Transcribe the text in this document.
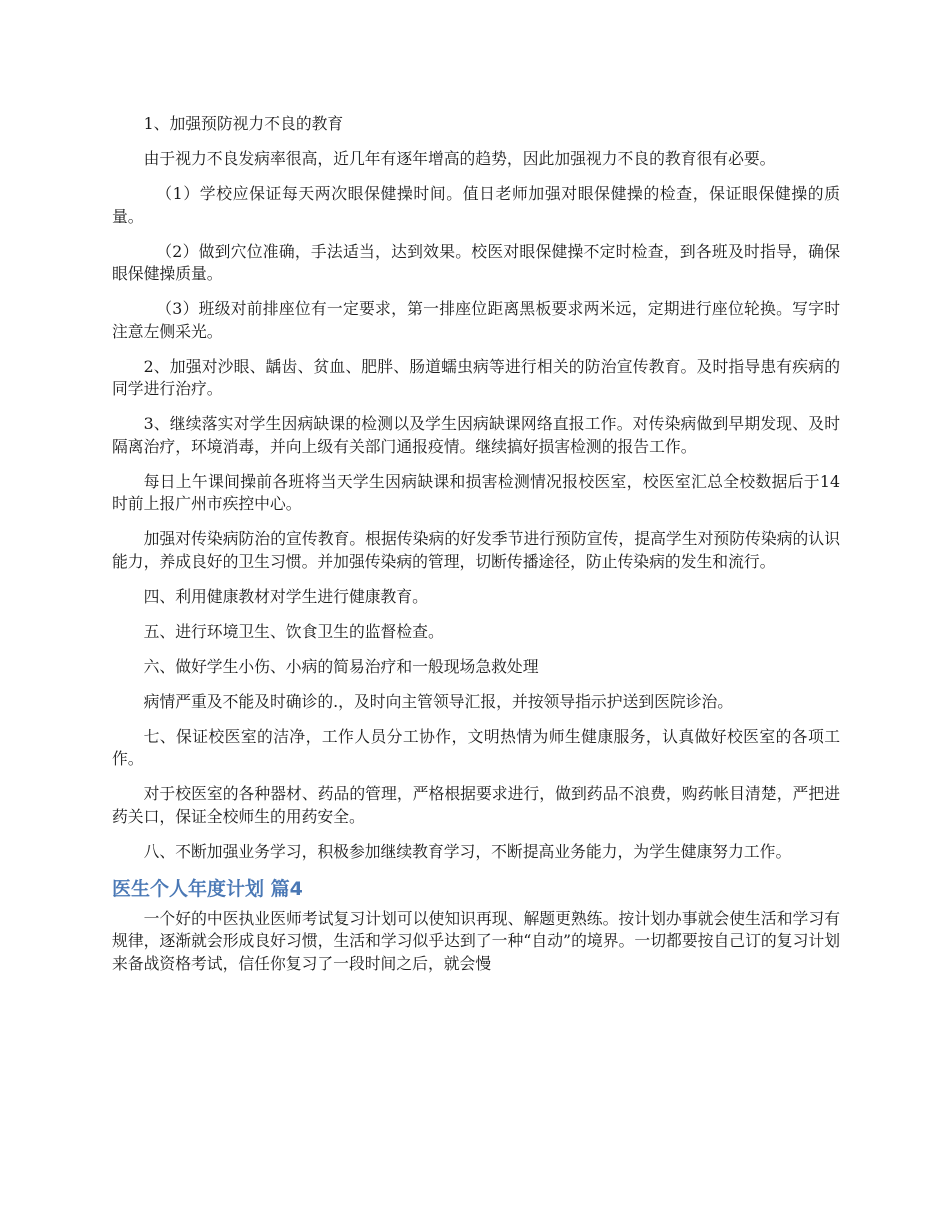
1、加强预防视力不良的教育

由于视力不良发病率很高，近几年有逐年增高的趋势，因此加强视力不良的教育很有必要。

（1）学校应保证每天两次眼保健操时间。值日老师加强对眼保健操的检查，保证眼保健操的质量。

（2）做到穴位准确，手法适当，达到效果。校医对眼保健操不定时检查，到各班及时指导，确保眼保健操质量。

（3）班级对前排座位有一定要求，第一排座位距离黑板要求两米远，定期进行座位轮换。写字时注意左侧采光。

2、加强对沙眼、龋齿、贫血、肥胖、肠道蠕虫病等进行相关的防治宣传教育。及时指导患有疾病的同学进行治疗。

3、继续落实对学生因病缺课的检测以及学生因病缺课网络直报工作。对传染病做到早期发现、及时隔离治疗，环境消毒，并向上级有关部门通报疫情。继续搞好损害检测的报告工作。

每日上午课间操前各班将当天学生因病缺课和损害检测情况报校医室，校医室汇总全校数据后于14时前上报广州市疾控中心。

加强对传染病防治的宣传教育。根据传染病的好发季节进行预防宣传，提高学生对预防传染病的认识能力，养成良好的卫生习惯。并加强传染病的管理，切断传播途径，防止传染病的发生和流行。

四、利用健康教材对学生进行健康教育。

五、进行环境卫生、饮食卫生的监督检查。

六、做好学生小伤、小病的简易治疗和一般现场急救处理

病情严重及不能及时确诊的.，及时向主管领导汇报，并按领导指示护送到医院诊治。

七、保证校医室的洁净，工作人员分工协作，文明热情为师生健康服务，认真做好校医室的各项工作。

对于校医室的各种器材、药品的管理，严格根据要求进行，做到药品不浪费，购药帐目清楚，严把进药关口，保证全校师生的用药安全。

八、不断加强业务学习，积极参加继续教育学习，不断提高业务能力，为学生健康努力工作。

医生个人年度计划 篇4

一个好的中医执业医师考试复习计划可以使知识再现、解题更熟练。按计划办事就会使生活和学习有规律，逐渐就会形成良好习惯，生活和学习似乎达到了一种“自动”的境界。一切都要按自己订的复习计划来备战资格考试，信任你复习了一段时间之后，就会慢
